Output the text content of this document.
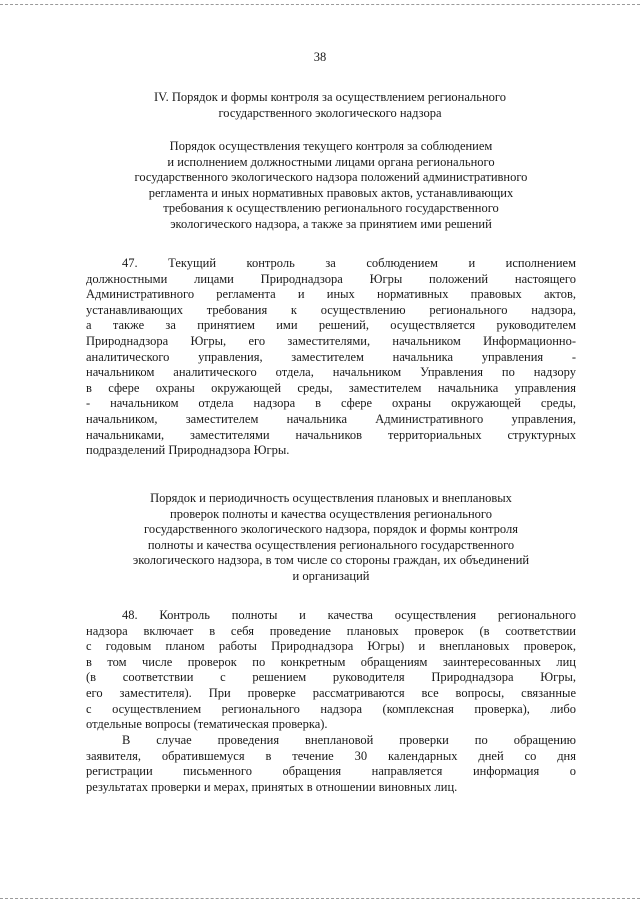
38
IV. Порядок и формы контроля за осуществлением регионального
государственного экологического надзора
Порядок осуществления текущего контроля за соблюдением
и исполнением должностными лицами органа регионального
государственного экологического надзора положений административного
регламента и иных нормативных правовых актов, устанавливающих
требования к осуществлению регионального государственного
экологического надзора, а также за принятием ими решений
47. Текущий контроль за соблюдением и исполнением
должностными лицами Природнадзора Югры положений настоящего
Административного регламента и иных нормативных правовых актов,
устанавливающих требования к осуществлению регионального надзора,
а также за принятием ими решений, осуществляется руководителем
Природнадзора Югры, его заместителями, начальником Информационно-
аналитического управления, заместителем начальника управления -
начальником аналитического отдела, начальником Управления по надзору
в сфере охраны окружающей среды, заместителем начальника управления
- начальником отдела надзора в сфере охраны окружающей среды,
начальником, заместителем начальника Административного управления,
начальниками, заместителями начальников территориальных структурных
подразделений Природнадзора Югры.
Порядок и периодичность осуществления плановых и внеплановых
проверок полноты и качества осуществления регионального
государственного экологического надзора, порядок и формы контроля
полноты и качества осуществления регионального государственного
экологического надзора, в том числе со стороны граждан, их объединений
и организаций
48. Контроль полноты и качества осуществления регионального
надзора включает в себя проведение плановых проверок (в соответствии
с годовым планом работы Природнадзора Югры) и внеплановых проверок,
в том числе проверок по конкретным обращениям заинтересованных лиц
(в соответствии с решением руководителя Природнадзора Югры,
его заместителя). При проверке рассматриваются все вопросы, связанные
с осуществлением регионального надзора (комплексная проверка), либо
отдельные вопросы (тематическая проверка).
В случае проведения внеплановой проверки по обращению
заявителя, обратившемуся в течение 30 календарных дней со дня
регистрации письменного обращения направляется информация о
результатах проверки и мерах, принятых в отношении виновных лиц.
